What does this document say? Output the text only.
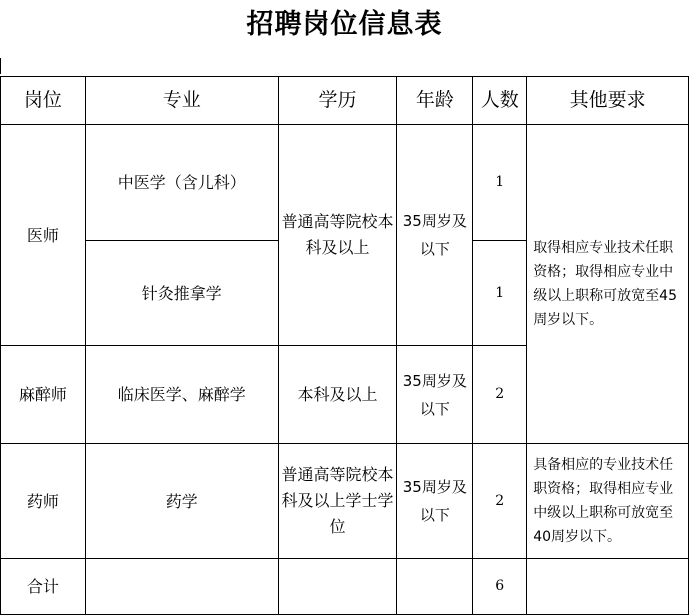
招聘岗位信息表
岗位	专业	学历	年龄	人数	其他要求
医师	中医学（含儿科）	普通高等院校本科及以上	35周岁及以下	1	取得相应专业技术任职资格；取得相应专业中级以上职称可放宽至45周岁以下。
	针灸推拿学			1	
麻醉师	临床医学、麻醉学	本科及以上	35周岁及以下	2	
药师	药学	普通高等院校本科及以上学士学位	35周岁及以下	2	具备相应的专业技术任职资格；取得相应专业中级以上职称可放宽至40周岁以下。
合计				6	
